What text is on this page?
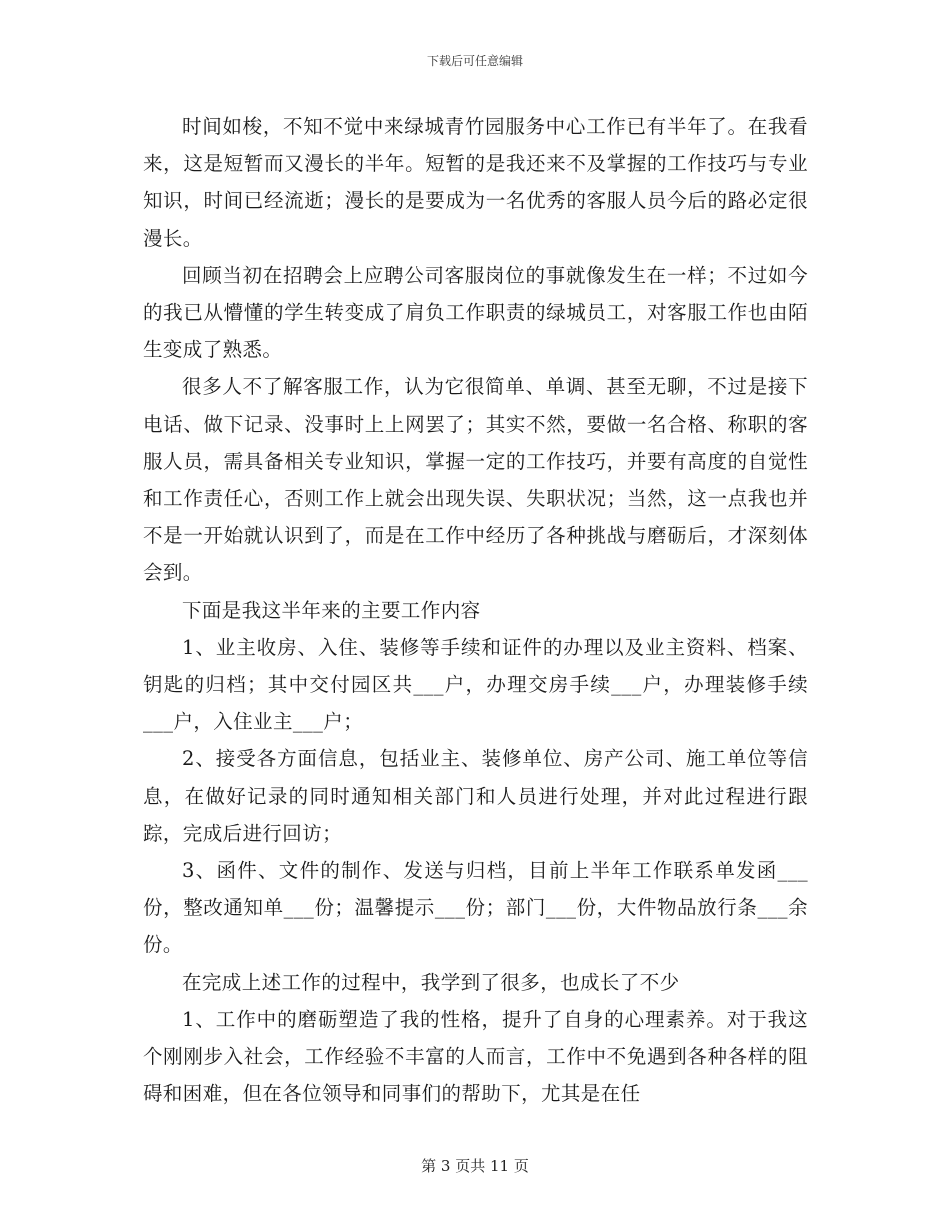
下载后可任意编辑

时间如梭，不知不觉中来绿城青竹园服务中心工作已有半年了。在我看来，这是短暂而又漫长的半年。短暂的是我还来不及掌握的工作技巧与专业知识，时间已经流逝；漫长的是要成为一名优秀的客服人员今后的路必定很漫长。

回顾当初在招聘会上应聘公司客服岗位的事就像发生在一样；不过如今的我已从懵懂的学生转变成了肩负工作职责的绿城员工，对客服工作也由陌生变成了熟悉。

很多人不了解客服工作，认为它很简单、单调、甚至无聊，不过是接下电话、做下记录、没事时上上网罢了；其实不然，要做一名合格、称职的客服人员，需具备相关专业知识，掌握一定的工作技巧，并要有高度的自觉性和工作责任心，否则工作上就会出现失误、失职状况；当然，这一点我也并不是一开始就认识到了，而是在工作中经历了各种挑战与磨砺后，才深刻体会到。

下面是我这半年来的主要工作内容

1、业主收房、入住、装修等手续和证件的办理以及业主资料、档案、钥匙的归档；其中交付园区共___户，办理交房手续___户，办理装修手续___户，入住业主___户；

2、接受各方面信息，包括业主、装修单位、房产公司、施工单位等信息，在做好记录的同时通知相关部门和人员进行处理，并对此过程进行跟踪，完成后进行回访；

3、函件、文件的制作、发送与归档，目前上半年工作联系单发函___份，整改通知单___份；温馨提示___份；部门___份，大件物品放行条___余份。

在完成上述工作的过程中，我学到了很多，也成长了不少

1、工作中的磨砺塑造了我的性格，提升了自身的心理素养。对于我这个刚刚步入社会，工作经验不丰富的人而言，工作中不免遇到各种各样的阻碍和困难，但在各位领导和同事们的帮助下，尤其是在任

第 3 页共 11 页
